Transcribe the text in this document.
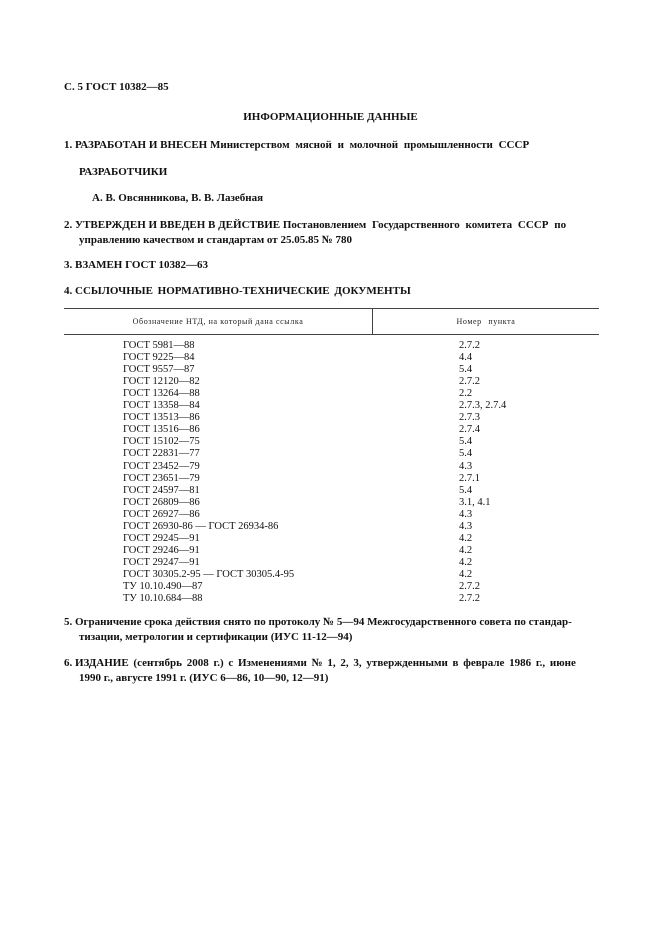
С. 5 ГОСТ 10382—85
ИНФОРМАЦИОННЫЕ ДАННЫЕ
1. РАЗРАБОТАН И ВНЕСЕН Министерством мясной и молочной промышленности СССР
РАЗРАБОТЧИКИ
А. В. Овсянникова, В. В. Лазебная
2. УТВЕРЖДЕН И ВВЕДЕН В ДЕЙСТВИЕ Постановлением Государственного комитета СССР по
управлению качеством и стандартам от 25.05.85 № 780
3. ВЗАМЕН ГОСТ 10382—63
4. ССЫЛОЧНЫЕ НОРМАТИВНО-ТЕХНИЧЕСКИЕ ДОКУМЕНТЫ
Обозначение НТД, на который дана ссылка	Номер пункта
ГОСТ 5981—88	2.7.2
ГОСТ 9225—84	4.4
ГОСТ 9557—87	5.4
ГОСТ 12120—82	2.7.2
ГОСТ 13264—88	2.2
ГОСТ 13358—84	2.7.3, 2.7.4
ГОСТ 13513—86	2.7.3
ГОСТ 13516—86	2.7.4
ГОСТ 15102—75	5.4
ГОСТ 22831—77	5.4
ГОСТ 23452—79	4.3
ГОСТ 23651—79	2.7.1
ГОСТ 24597—81	5.4
ГОСТ 26809—86	3.1, 4.1
ГОСТ 26927—86	4.3
ГОСТ 26930-86 — ГОСТ 26934-86	4.3
ГОСТ 29245—91	4.2
ГОСТ 29246—91	4.2
ГОСТ 29247—91	4.2
ГОСТ 30305.2-95 — ГОСТ 30305.4-95	4.2
ТУ 10.10.490—87	2.7.2
ТУ 10.10.684—88	2.7.2
5. Ограничение срока действия снято по протоколу № 5—94 Межгосударственного совета по стандар-
тизации, метрологии и сертификации (ИУС 11-12—94)
6. ИЗДАНИЕ (сентябрь 2008 г.) с Изменениями № 1, 2, 3, утвержденными в феврале 1986 г., июне
1990 г., августе 1991 г. (ИУС 6—86, 10—90, 12—91)
